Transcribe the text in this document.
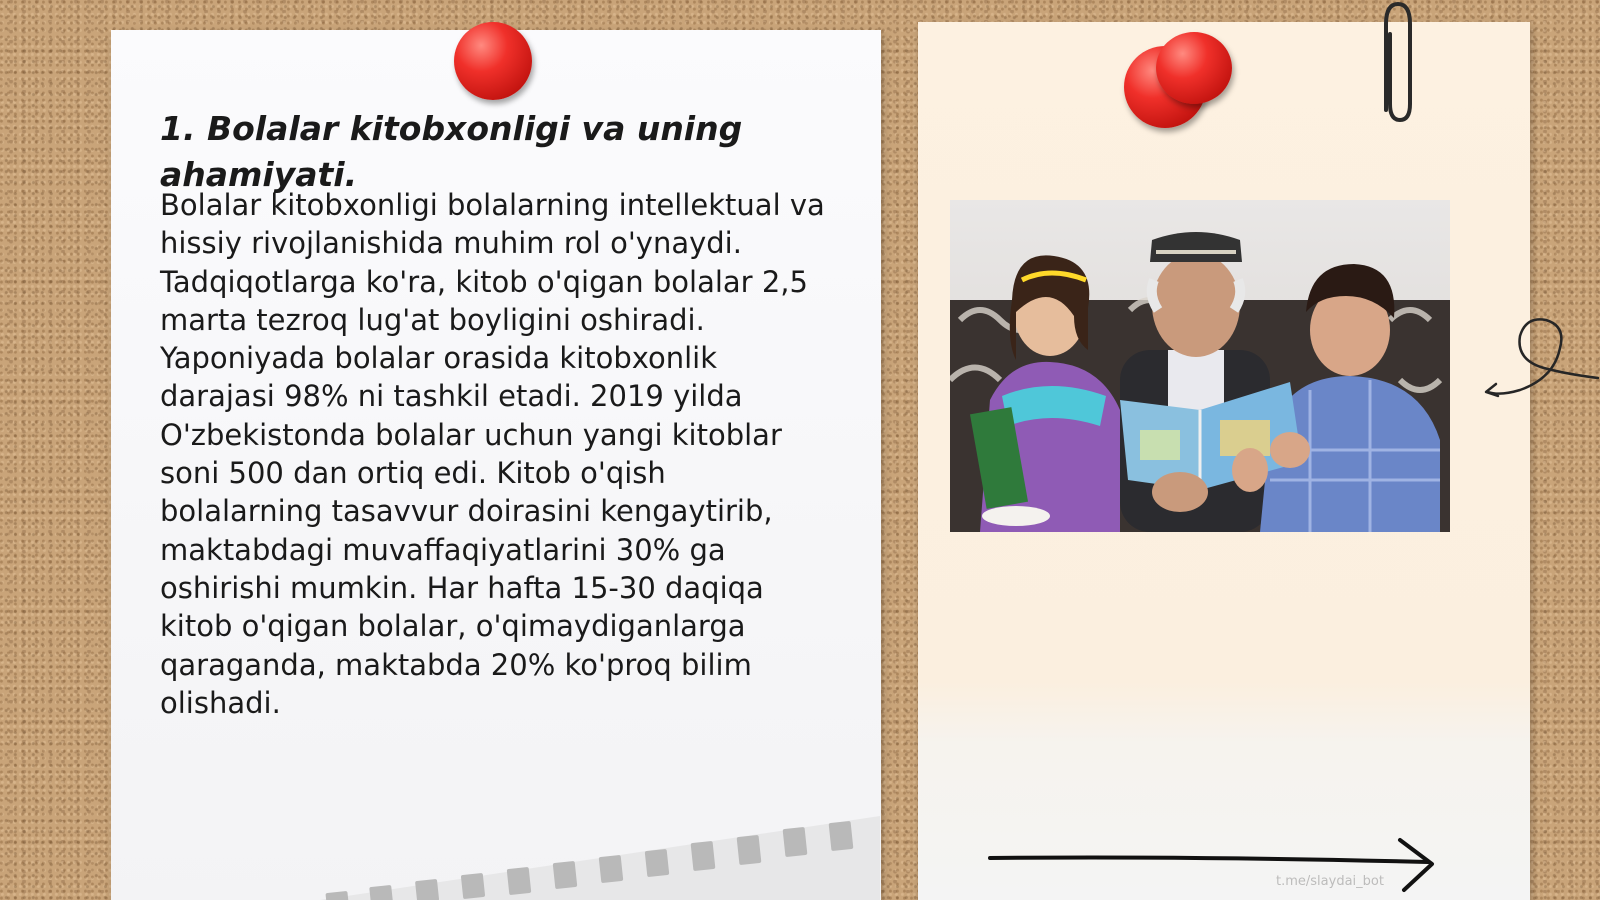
1. Bolalar kitobxonligi va uning ahamiyati.

Bolalar kitobxonligi bolalarning intellektual va hissiy rivojlanishida muhim rol o'ynaydi. Tadqiqotlarga ko'ra, kitob o'qigan bolalar 2,5 marta tezroq lug'at boyligini oshiradi. Yaponiyada bolalar orasida kitobxonlik darajasi 98% ni tashkil etadi. 2019 yilda O'zbekistonda bolalar uchun yangi kitoblar soni 500 dan ortiq edi. Kitob o'qish bolalarning tasavvur doirasini kengaytirib, maktabdagi muvaffaqiyatlarini 30% ga oshirishi mumkin. Har hafta 15-30 daqiqa kitob o'qigan bolalar, o'qimaydiganlarga qaraganda, maktabda 20% ko'proq bilim olishadi.

t.me/slaydai_bot
